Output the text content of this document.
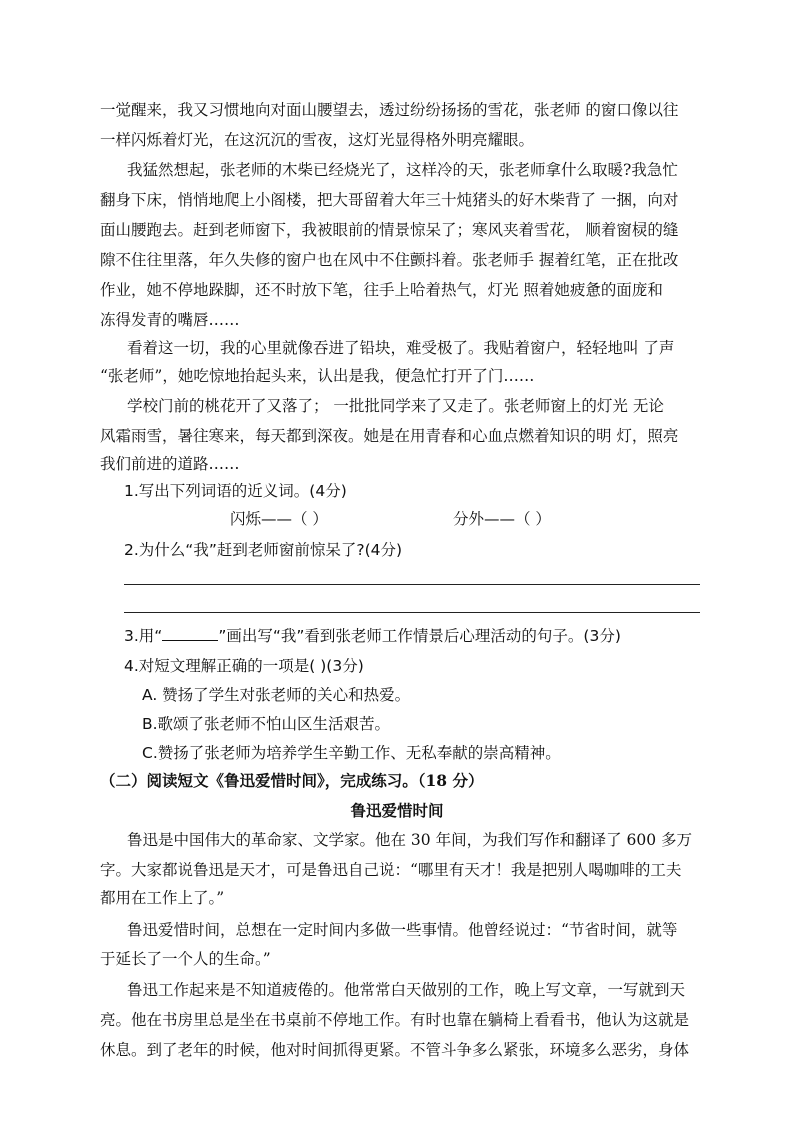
一觉醒来，我又习惯地向对面山腰望去，透过纷纷扬扬的雪花，张老师 的窗口像以往
一样闪烁着灯光，在这沉沉的雪夜，这灯光显得格外明亮耀眼。
我猛然想起，张老师的木柴已经烧光了，这样冷的天，张老师拿什么取暖?我急忙
翻身下床，悄悄地爬上小阁楼，把大哥留着大年三十炖猪头的好木柴背了 一捆，向对
面山腰跑去。赶到老师窗下，我被眼前的情景惊呆了；寒风夹着雪花， 顺着窗棂的缝
隙不住往里落，年久失修的窗户也在风中不住颤抖着。张老师手 握着红笔，正在批改
作业，她不停地跺脚，还不时放下笔，往手上哈着热气，灯光 照着她疲惫的面庞和
冻得发青的嘴唇……
看着这一切，我的心里就像吞进了铅块，难受极了。我贴着窗户，轻轻地叫 了声
“张老师”，她吃惊地抬起头来，认出是我，便急忙打开了门……
学校门前的桃花开了又落了； 一批批同学来了又走了。张老师窗上的灯光 无论
风霜雨雪，暑往寒来，每天都到深夜。她是在用青春和心血点燃着知识的明 灯，照亮
我们前进的道路……
1.写出下列词语的近义词。(4分)
闪烁——（ ）	分外——（ ）
2.为什么“我”赶到老师窗前惊呆了?(4分)
3.用“	”画出写“我”看到张老师工作情景后心理活动的句子。(3分)
4.对短文理解正确的一项是( )(3分)
A. 赞扬了学生对张老师的关心和热爱。
B.歌颂了张老师不怕山区生活艰苦。
C.赞扬了张老师为培养学生辛勤工作、无私奉献的崇高精神。
（二）阅读短文《鲁迅爱惜时间》，完成练习。（18 分）
鲁迅爱惜时间
鲁迅是中国伟大的革命家、文学家。他在 30 年间，为我们写作和翻译了 600 多万
字。大家都说鲁迅是天才，可是鲁迅自己说：“哪里有天才！我是把别人喝咖啡的工夫
都用在工作上了。”
鲁迅爱惜时间，总想在一定时间内多做一些事情。他曾经说过：“节省时间，就等
于延长了一个人的生命。”
鲁迅工作起来是不知道疲倦的。他常常白天做别的工作，晚上写文章，一写就到天
亮。他在书房里总是坐在书桌前不停地工作。有时也靠在躺椅上看看书，他认为这就是
休息。到了老年的时候，他对时间抓得更紧。不管斗争多么紧张，环境多么恶劣，身体
